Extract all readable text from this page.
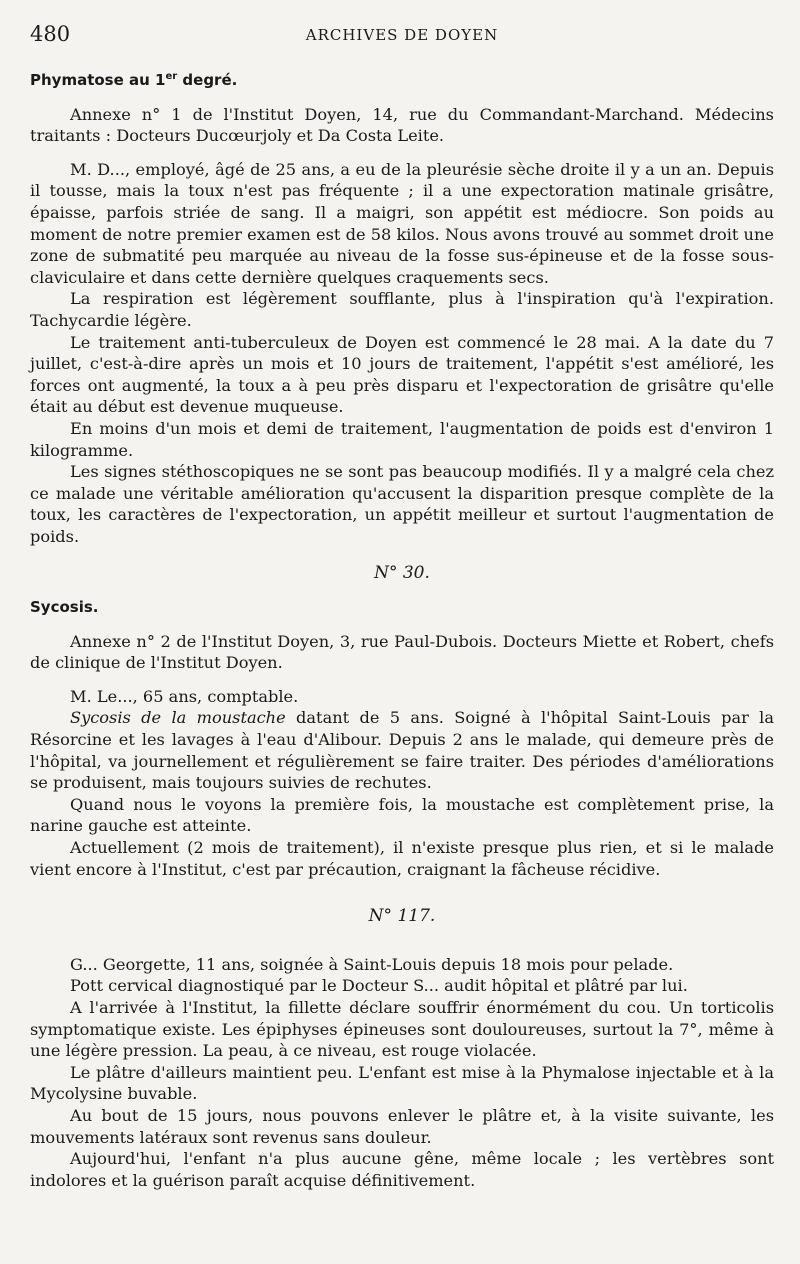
480	ARCHIVES DE DOYEN
Phymatose au 1er degré.

Annexe n° 1 de l'Institut Doyen, 14, rue du Commandant-Marchand. Médecins traitants : Docteurs Ducœurjoly et Da Costa Leite.

M. D..., employé, âgé de 25 ans, a eu de la pleurésie sèche droite il y a un an. Depuis il tousse, mais la toux n'est pas fréquente ; il a une expectoration matinale grisâtre, épaisse, parfois striée de sang. Il a maigri, son appétit est médiocre. Son poids au moment de notre premier examen est de 58 kilos. Nous avons trouvé au sommet droit une zone de submatité peu marquée au niveau de la fosse sus-épineuse et de la fosse sous-claviculaire et dans cette dernière quelques craquements secs.

La respiration est légèrement soufflante, plus à l'inspiration qu'à l'expiration. Tachycardie légère.

Le traitement anti-tuberculeux de Doyen est commencé le 28 mai. A la date du 7 juillet, c'est-à-dire après un mois et 10 jours de traitement, l'appétit s'est amélioré, les forces ont augmenté, la toux a à peu près disparu et l'expectoration de grisâtre qu'elle était au début est devenue muqueuse.

En moins d'un mois et demi de traitement, l'augmentation de poids est d'environ 1 kilogramme.

Les signes stéthoscopiques ne se sont pas beaucoup modifiés. Il y a malgré cela chez ce malade une véritable amélioration qu'accusent la disparition presque complète de la toux, les caractères de l'expectoration, un appétit meilleur et surtout l'augmentation de poids.

N° 30.
Sycosis.

Annexe n° 2 de l'Institut Doyen, 3, rue Paul-Dubois. Docteurs Miette et Robert, chefs de clinique de l'Institut Doyen.

M. Le..., 65 ans, comptable.

Sycosis de la moustache datant de 5 ans. Soigné à l'hôpital Saint-Louis par la Résorcine et les lavages à l'eau d'Alibour. Depuis 2 ans le malade, qui demeure près de l'hôpital, va journellement et régulièrement se faire traiter. Des périodes d'améliorations se produisent, mais toujours suivies de rechutes.

Quand nous le voyons la première fois, la moustache est complètement prise, la narine gauche est atteinte.

Actuellement (2 mois de traitement), il n'existe presque plus rien, et si le malade vient encore à l'Institut, c'est par précaution, craignant la fâcheuse récidive.

N° 117.

G... Georgette, 11 ans, soignée à Saint-Louis depuis 18 mois pour pelade.

Pott cervical diagnostiqué par le Docteur S... audit hôpital et plâtré par lui.

A l'arrivée à l'Institut, la fillette déclare souffrir énormément du cou. Un torticolis symptomatique existe. Les épiphyses épineuses sont douloureuses, surtout la 7°, même à une légère pression. La peau, à ce niveau, est rouge violacée.

Le plâtre d'ailleurs maintient peu. L'enfant est mise à la Phymalose injectable et à la Mycolysine buvable.

Au bout de 15 jours, nous pouvons enlever le plâtre et, à la visite suivante, les mouvements latéraux sont revenus sans douleur.

Aujourd'hui, l'enfant n'a plus aucune gêne, même locale ; les vertèbres sont indolores et la guérison paraît acquise définitivement.
